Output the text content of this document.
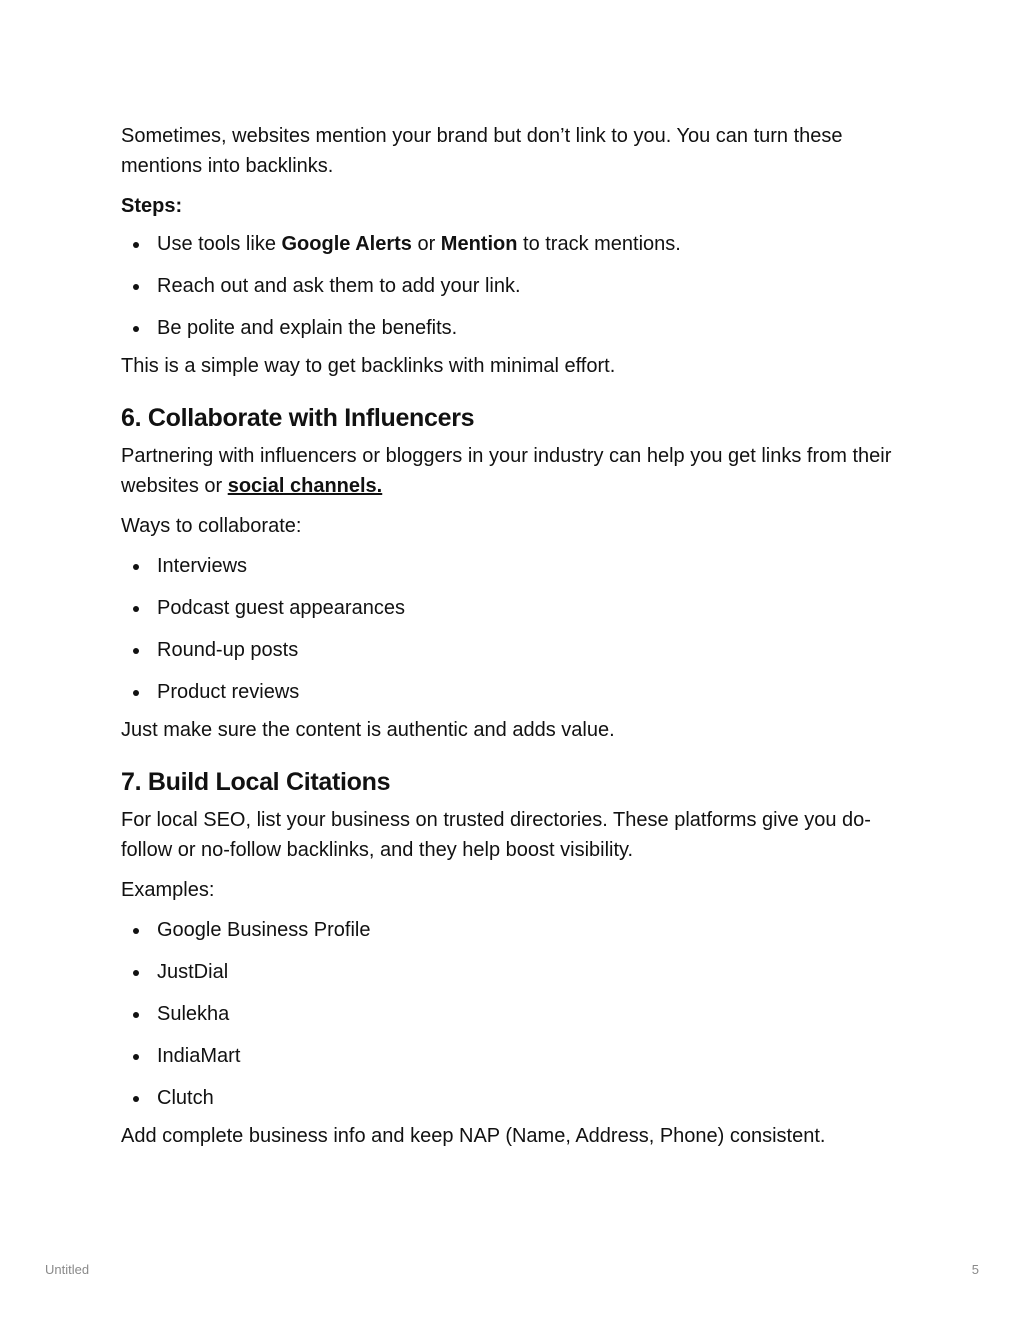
Sometimes, websites mention your brand but don’t link to you. You can turn these mentions into backlinks.

Steps:

Use tools like Google Alerts or Mention to track mentions.
Reach out and ask them to add your link.
Be polite and explain the benefits.

This is a simple way to get backlinks with minimal effort.

6. Collaborate with Influencers

Partnering with influencers or bloggers in your industry can help you get links from their websites or social channels.

Ways to collaborate:

Interviews
Podcast guest appearances
Round-up posts
Product reviews

Just make sure the content is authentic and adds value.

7. Build Local Citations

For local SEO, list your business on trusted directories. These platforms give you do-follow or no-follow backlinks, and they help boost visibility.

Examples:

Google Business Profile
JustDial
Sulekha
IndiaMart
Clutch

Add complete business info and keep NAP (Name, Address, Phone) consistent.

Untitled	5
